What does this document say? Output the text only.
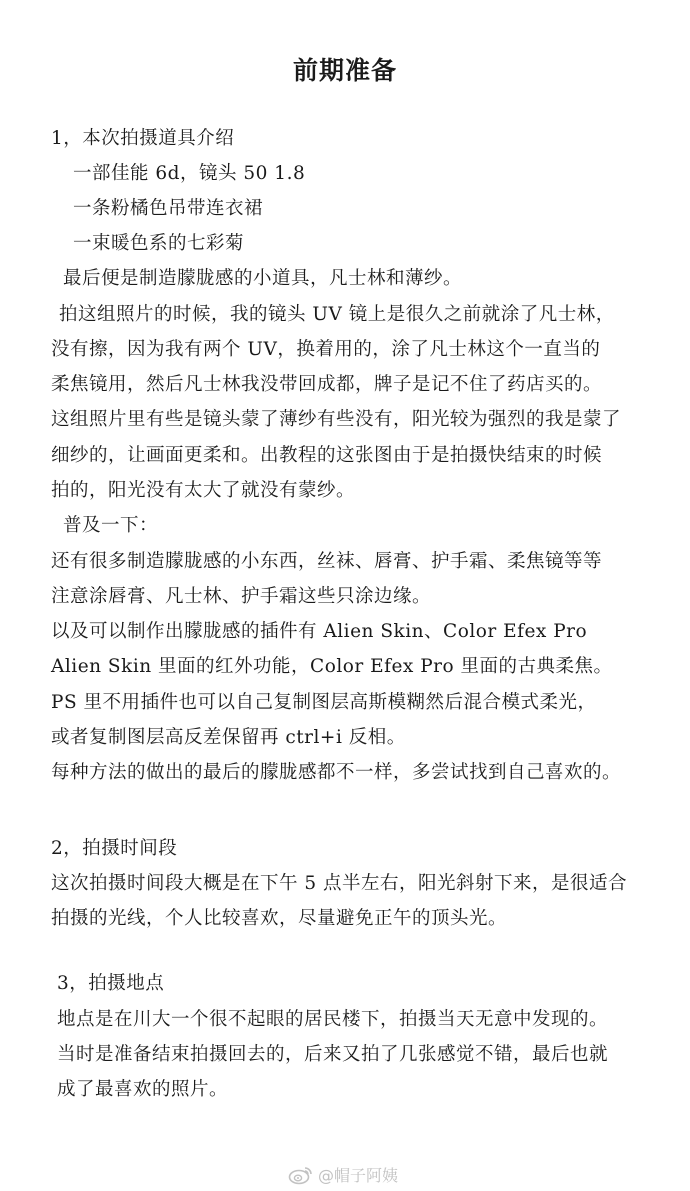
前期准备
1，本次拍摄道具介绍
一部佳能 6d，镜头 50 1.8
一条粉橘色吊带连衣裙
一束暖色系的七彩菊
最后便是制造朦胧感的小道具，凡士林和薄纱。
拍这组照片的时候，我的镜头 UV 镜上是很久之前就涂了凡士林，
没有擦，因为我有两个 UV，换着用的，涂了凡士林这个一直当的
柔焦镜用，然后凡士林我没带回成都，牌子是记不住了药店买的。
这组照片里有些是镜头蒙了薄纱有些没有，阳光较为强烈的我是蒙了
细纱的，让画面更柔和。出教程的这张图由于是拍摄快结束的时候
拍的，阳光没有太大了就没有蒙纱。
普及一下：
还有很多制造朦胧感的小东西，丝袜、唇膏、护手霜、柔焦镜等等
注意涂唇膏、凡士林、护手霜这些只涂边缘。
以及可以制作出朦胧感的插件有 Alien Skin、Color Efex Pro
Alien Skin 里面的红外功能，Color Efex Pro 里面的古典柔焦。
PS 里不用插件也可以自己复制图层高斯模糊然后混合模式柔光，
或者复制图层高反差保留再 ctrl+i 反相。
每种方法的做出的最后的朦胧感都不一样，多尝试找到自己喜欢的。
2，拍摄时间段
这次拍摄时间段大概是在下午 5 点半左右，阳光斜射下来，是很适合
拍摄的光线，个人比较喜欢，尽量避免正午的顶头光。
3，拍摄地点
地点是在川大一个很不起眼的居民楼下，拍摄当天无意中发现的。
当时是准备结束拍摄回去的，后来又拍了几张感觉不错，最后也就
成了最喜欢的照片。
@帽子阿姨
